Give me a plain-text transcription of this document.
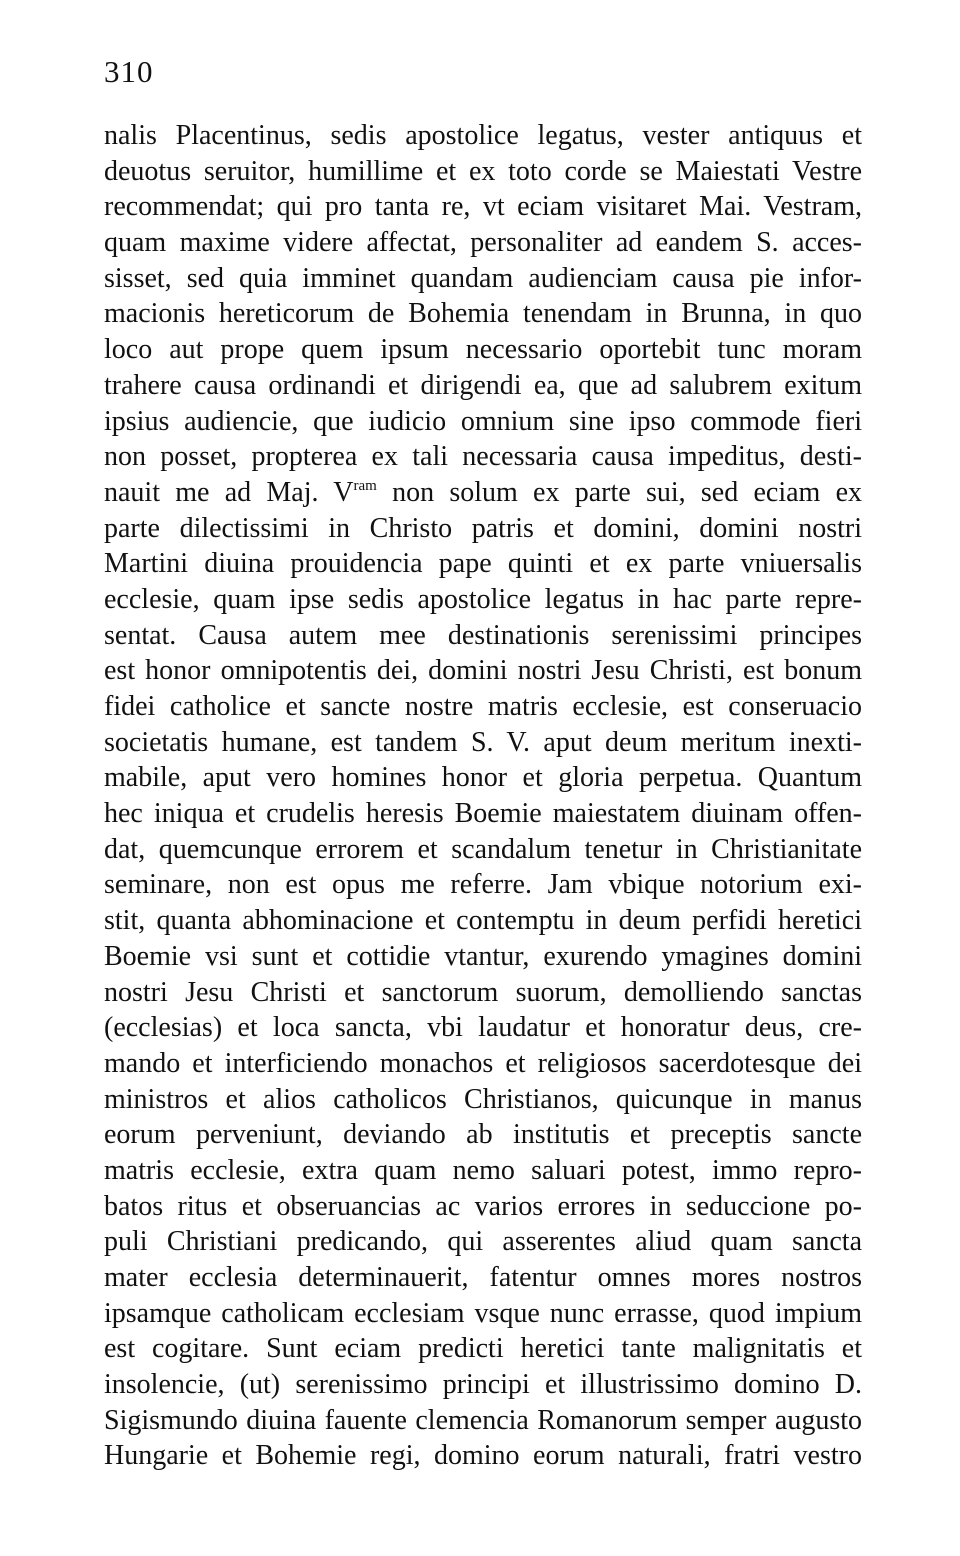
310
nalis Placentinus, sedis apostolice legatus, vester antiquus et
deuotus seruitor, humillime et ex toto corde se Maiestati Vestre
recommendat; qui pro tanta re, vt eciam visitaret Mai. Vestram,
quam maxime videre affectat, personaliter ad eandem S. acces-
sisset, sed quia imminet quandam audienciam causa pie infor-
macionis hereticorum de Bohemia tenendam in Brunna, in quo
loco aut prope quem ipsum necessario oportebit tunc moram
trahere causa ordinandi et dirigendi ea, que ad salubrem exitum
ipsius audiencie, que iudicio omnium sine ipso commode fieri
non posset, propterea ex tali necessaria causa impeditus, desti-
nauit me ad Maj. $V^{ram}$ non solum ex parte sui, sed eciam ex
parte dilectissimi in Christo patris et domini, domini nostri
Martini diuina prouidencia pape quinti et ex parte vniuersalis
ecclesie, quam ipse sedis apostolice legatus in hac parte repre-
sentat. Causa autem mee destinationis serenissimi principes
est honor omnipotentis dei, domini nostri Jesu Christi, est bonum
fidei catholice et sancte nostre matris ecclesie, est conseruacio
societatis humane, est tandem S. V. aput deum meritum inexti-
mabile, aput vero homines honor et gloria perpetua. Quantum
hec iniqua et crudelis heresis Boemie maiestatem diuinam offen-
dat, quemcunque errorem et scandalum tenetur in Christianitate
seminare, non est opus me referre. Jam vbique notorium exi-
stit, quanta abhominacione et contemptu in deum perfidi heretici
Boemie vsi sunt et cottidie vtantur, exurendo ymagines domini
nostri Jesu Christi et sanctorum suorum, demolliendo sanctas
(ecclesias) et loca sancta, vbi laudatur et honoratur deus, cre-
mando et interficiendo monachos et religiosos sacerdotesque dei
ministros et alios catholicos Christianos, quicunque in manus
eorum perveniunt, deviando ab institutis et preceptis sancte
matris ecclesie, extra quam nemo saluari potest, immo repro-
batos ritus et obseruancias ac varios errores in seduccione po-
puli Christiani predicando, qui asserentes aliud quam sancta
mater ecclesia determinauerit, fatentur omnes mores nostros
ipsamque catholicam ecclesiam vsque nunc errasse, quod impium
est cogitare. Sunt eciam predicti heretici tante malignitatis et
insolencie, (ut) serenissimo principi et illustrissimo domino D.
Sigismundo diuina fauente clemencia Romanorum semper augusto
Hungarie et Bohemie regi, domino eorum naturali, fratri vestro
